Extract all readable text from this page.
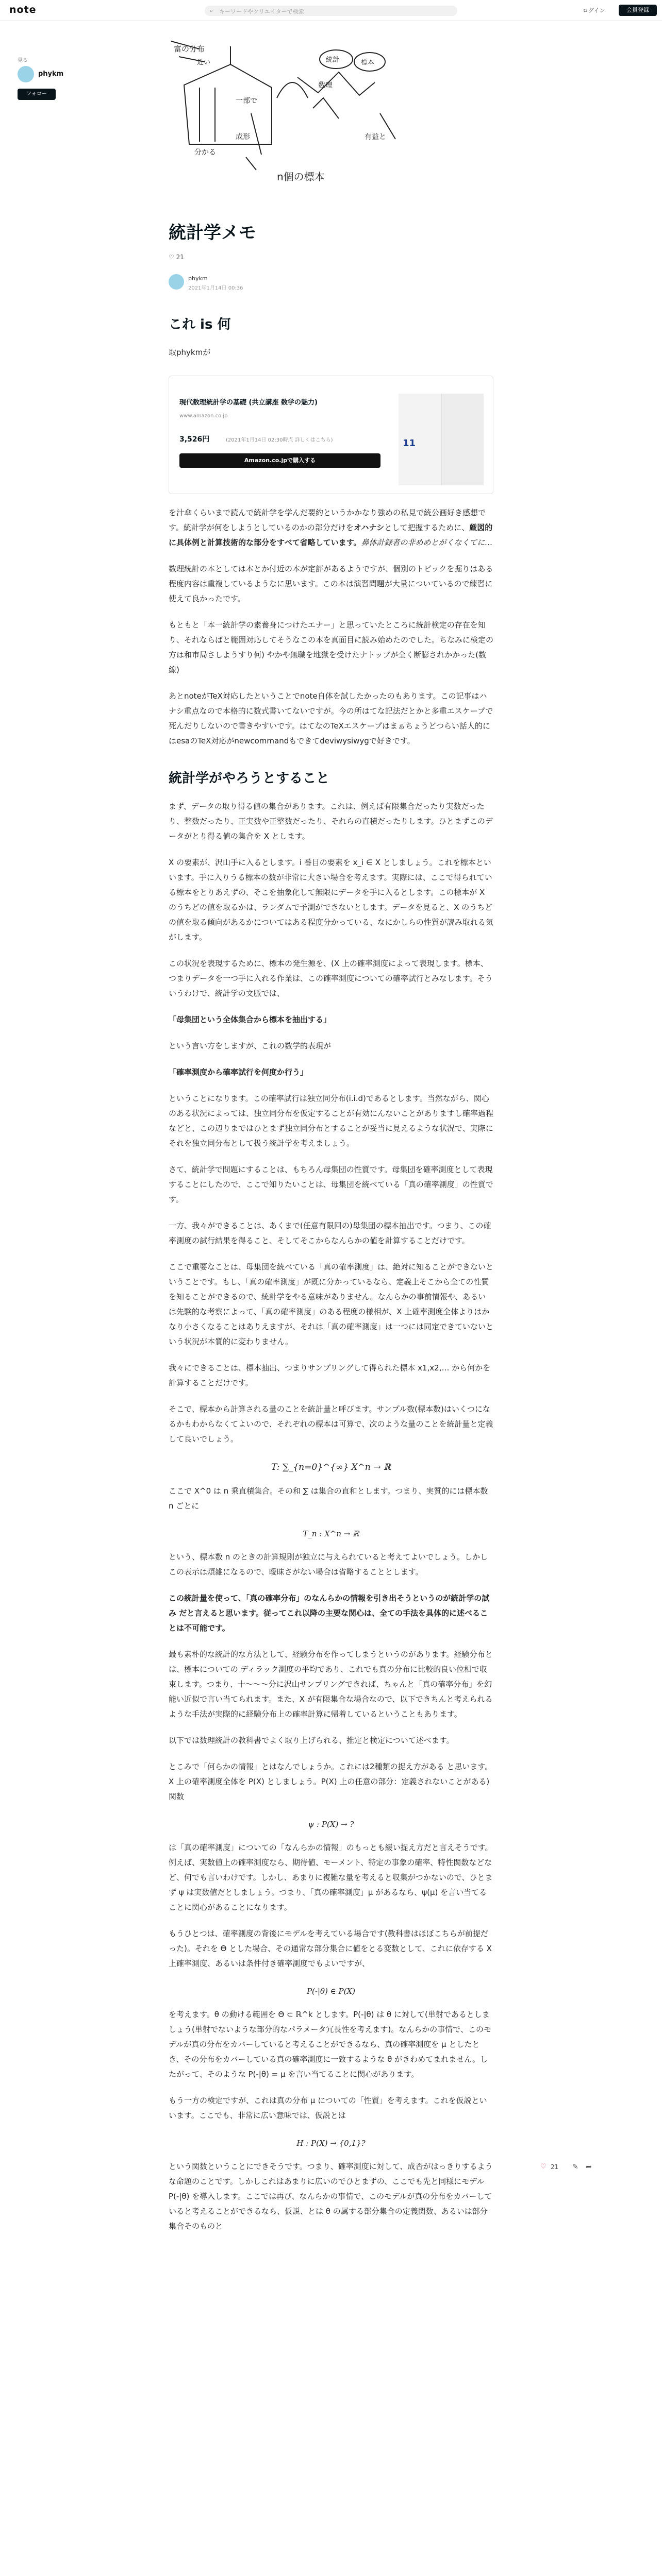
note	⌕ キーワードやクリエイターで検索	ログイン	会員登録
見る
phykm
フォロー
富の分布
近い
分かる
統計	標本
一部で
数理
成形	有益と
n個の標本
統計学メモ
♡ 21
phykm
2021年1月14日 00:36
これ is 何

取phykmが

現代数理統計学の基礎 (共立講座 数学の魅力)
www.amazon.co.jp
3,526円	(2021年1月14日 02:30時点 詳しくはこちら)
Amazon.co.jpで購入する
11

を汁傘くらいまで読んで統計学を学んだ要約というかかなり強めの私見で統公画好き感想です。統計学が何をしようとしているのかの部分だけをオハナシとして把握するために、厳図的に具体例と計算技術的な部分をすべて省略しています。鼻体計録者の非めめとがくなくてに…

数理統計の本としては本とか付近の本が定評があるようですが、個別のトピックを掘りはある程度内容は重複しているようなに思います。この本は演習問題が大量についているので練習に使えて良かったです。

もともと「本一統計学の素養身につけたエナー」と思っていたところに統計検定の存在を知り、それならばと範囲対応してそうなこの本を真面目に読み始めたのでした。ちなみに検定の方は和市局さしようすり何) やかや無職を地獄を受けたナトップが全く断膨されかかった(数線)

あとnoteがTeX対応したということでnote自体を試したかったのもあります。この記事はハナシ重点なので本格的に数式書いてないですが。今の所はてな記法だとかと多重エスケープで死んだりしないので書きやすいです。はてなのTeXエスケープはまぁちょうどつらい話人的にはesaのTeX対応がnewcommandもできてdeviwysiwygで好きです。

統計学がやろうとすること

まず、データの取り得る値の集合があります。これは、例えば有限集合だったり実数だったり、整数だったり、正実数や正整数だったり、それらの直積だったりします。ひとまずこのデータがとり得る値の集合を X とします。

X の要素が、沢山手に入るとします。i 番目の要素を x_i ∈ X としましょう。これを標本といいます。手に入りうる標本の数が非常に大きい場合を考えます。実際には、ここで得られている標本をとりあえずの、そこを抽象化して無限にデータを手に入るとします。この標本が X のうちどの値を取るかは、ランダムで予測ができないとします。データを見ると、X のうちどの値を取る傾向があるかについてはある程度分かっている、なにかしらの性質が読み取れる気がします。

この状況を表現するために、標本の発生源を、(X 上の確率測度によって表現します。標本、つまりデータを一つ手に入れる作業は、この確率測度についての確率試行とみなします。そういうわけで、統計学の文脈では、

「母集団という全体集合から標本を抽出する」

という言い方をしますが、これの数学的表現が

「確率測度から確率試行を何度か行う」

ということになります。この確率試行は独立同分布(i.i.d)であるとします。当然ながら、関心のある状況によっては、独立同分布を仮定することが有効にんないことがありますし確率過程などと、この辺りまではひとまず独立同分布とすることが妥当に見えるような状況で、実際にそれを独立同分布として扱う統計学を考えましょう。

さて、統計学で問題にすることは、もちろん母集団の性質です。母集団を確率測度として表現することにしたので、ここで知りたいことは、母集団を統べている「真の確率測度」の性質です。

一方、我々ができることは、あくまで(任意有限回の)母集団の標本抽出です。つまり、この確率測度の試行結果を得ること、そしてそこからなんらかの値を計算することだけです。

ここで重要なことは、母集団を統べている「真の確率測度」は、絶対に知ることができないということです。もし、「真の確率測度」が既に分かっているなら、定義上そこから全ての性質を知ることができるので、統計学をやる意味がありません。なんらかの事前情報や、あるいは先験的な考察によって、「真の確率測度」のある程度の様相が、X 上確率測度全体よりはかなり小さくなることはありえますが、それは「真の確率測度」は一つには同定できていないという状況が本質的に変わりません。

我々にできることは、標本抽出、つまりサンプリングして得られた標本 x1,x2,… から何かを計算することだけです。

そこで、標本から計算される量のことを統計量と呼びます。サンプル数(標本数)はいくつになるかもわからなくてよいので、それぞれの標本は可算で、次のような量のことを統計量と定義して良いでしょう。

T: ∑_{n=0}^{∞} X^n → ℝ

ここで X^0 は n 乗直積集合。その和 ∑ は集合の直和とします。つまり、実質的には標本数 n ごとに

T_n : X^n → ℝ

という、標本数 n のときの計算規則が独立に与えられていると考えてよいでしょう。しかしこの表示は煩雑になるので、曖昧さがない場合は省略することとします。

この統計量を使って、「真の確率分布」のなんらかの情報を引き出そうというのが統計学の試み だと言えると思います。従ってこれ以降の主要な関心は、全ての手法を具体的に述べることは不可能です。

最も素朴的な統計的な方法として、経験分布を作ってしまうというのがあります。経験分布とは、標本についての ディラック測度の平均であり、これでも真の分布に比較的良い位相で収束します。つまり、十〜〜〜分に沢山サンプリングできれば、ちゃんと「真の確率分布」を幻能い近似で言い当てられます。また、X が有限集合な場合なので、以下できちんと考えられるような手法が実際的に経験分布上の確率計算に帰着しているということもあります。

以下では数理統計の教科書でよく取り上げられる、推定と検定について述べます。

とこみで「何らかの情報」とはなんでしょうか。これには2種類の捉え方がある と思います。X 上の確率測度全体を P(X) としましょう。P(X) 上の任意の部分：定義されないことがある)関数

ψ : P(X) → ?

は「真の確率測度」についての「なんらかの情報」のもっとも緩い捉え方だと言えそうです。例えば、実数値上の確率測度なら、期待値、モーメント、特定の事象の確率、特性関数などなど、何でも言いわけです。しかし、あまりに複雑な量を考えると収集がつかないので、ひとまず ψ は実数値だとしましょう。つまり、「真の確率測度」μ があるなら、ψ(μ) を言い当てることに関心があることになります。

もうひとつは、確率測度の背後にモデルを考えている場合です(教科書はほぼこちらが前提だった)。それを Θ とした場合、その通常な部分集合に値をとる変数として、これに依存する X 上確率測度、あるいは条件付き確率測度でもよいですが、

P(-|θ) ∈ P(X)

を考えます。θ の動ける範囲を Θ ⊂ ℝ^k とします。P(-|θ) は θ に対して(単射であるとしましょう(単射でないような部分的なパラメータ冗長性を考えます)。なんらかの事情で、このモデルが真の分布をカバーしていると考えることができるなら、真の確率測度を μ としたとき、その分布をカバーしている真の確率測度に一致するような θ がきわめてまれません。したがって、そのような P(-|θ) = μ を言い当てることに関心があります。

もう一方の検定ですが、これは真の分布 μ についての「性質」を考えます。これを仮説といいます。ここでも、非常に広い意味では、仮説とは

H : P(X) → {0,1}?

という関数ということにできそうです。つまり、確率測度に対して、成否がはっきりするような命題のことです。しかしこれはあまりに広いのでひとまずの、ここでも先と同様にモデル P(-|θ) を導入します。ここでは再び、なんらかの事情で、このモデルが真の分布をカバーしていると考えることができるなら、仮説、とは θ の属する部分集合の定義関数、あるいは部分集合そのものと

♡ 21 ✎ ➦
